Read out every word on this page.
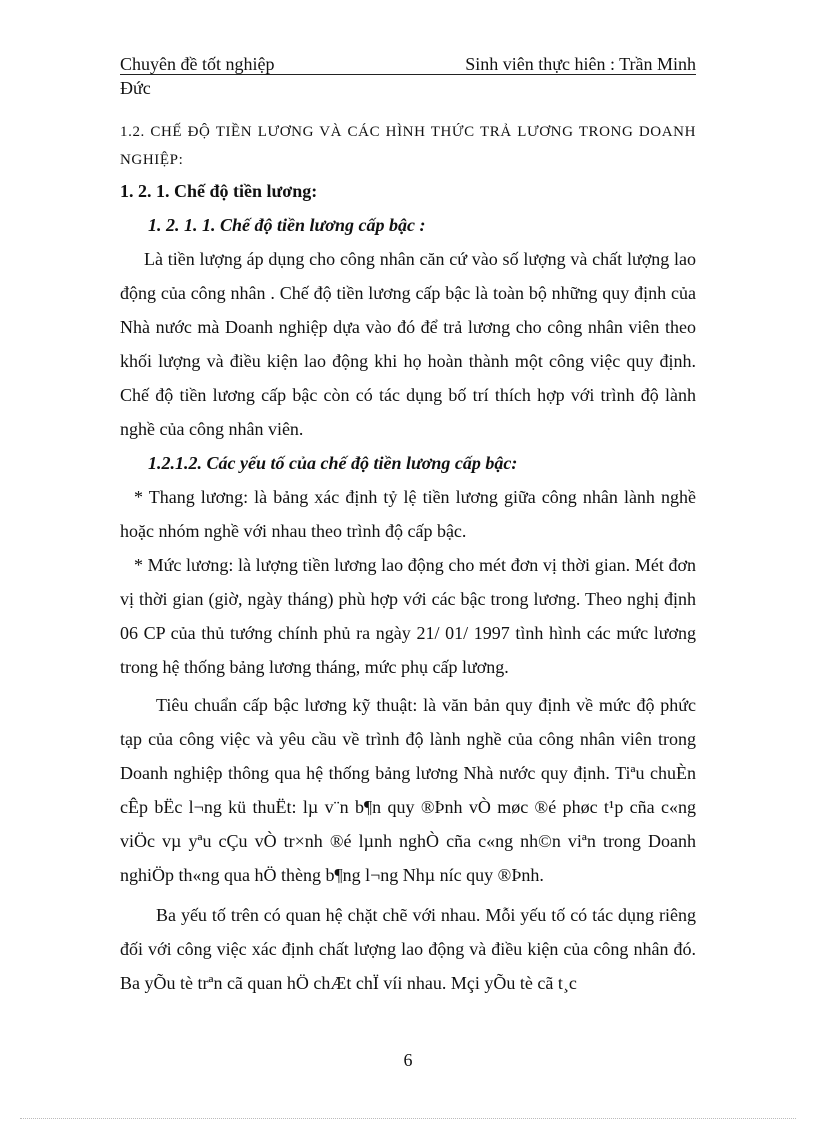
Chuyên đề tốt nghiệp	Sinh viên thực hiên : Trần Minh
Đức

1.2. CHẾ ĐỘ TIỀN LƯƠNG VÀ CÁC HÌNH THỨC TRẢ LƯƠNG TRONG DOANH NGHIỆP:

1. 2. 1. Chế độ tiền lương:

1. 2. 1. 1. Chế độ tiền lương cấp bậc :

Là tiền lượng áp dụng cho công nhân căn cứ vào số lượng và chất lượng lao động của công nhân . Chế độ tiền lương cấp bậc là toàn bộ những quy định của Nhà nước mà Doanh nghiệp dựa vào đó để trả lương cho công nhân viên theo khối lượng và điều kiện lao động khi họ hoàn thành một công việc quy định. Chế độ tiền lương cấp bậc còn có tác dụng bố trí thích hợp với trình độ lành nghề của công nhân viên.

1.2.1.2. Các yếu tố của chế độ tiền lương cấp bậc:

* Thang lương: là bảng xác định tỷ lệ tiền lương giữa công nhân lành nghề hoặc nhóm nghề với nhau theo trình độ cấp bậc.

* Mức lương: là lượng tiền lương lao động cho mét đơn vị thời gian. Mét đơn vị thời gian (giờ, ngày tháng) phù hợp với các bậc trong lương. Theo nghị định 06 CP của thủ tướng chính phủ ra ngày 21/ 01/ 1997 tình hình các mức lương trong hệ thống bảng lương tháng, mức phụ cấp lương.

Tiêu chuẩn cấp bậc lương kỹ thuật: là văn bản quy định về mức độ phức tạp của công việc và yêu cầu về trình độ lành nghề của công nhân viên trong Doanh nghiệp thông qua hệ thống bảng lương Nhà nước quy định. Tiªu chuÈn cÊp bËc l¬ng kü thuËt: lµ v¨n b¶n quy ®Þnh vÒ møc ®é phøc t¹p cña c«ng viÖc vµ yªu cÇu vÒ tr×nh ®é lµnh nghÒ cña c«ng nh©n viªn trong Doanh nghiÖp th«ng qua hÖ thèng b¶ng l¬ng Nhµ níc quy ®Þnh.

Ba yếu tố trên có quan hệ chặt chẽ với nhau. Mỗi yếu tố có tác dụng riêng đối với công việc xác định chất lượng lao động và điều kiện của công nhân đó. Ba yÕu tè trªn cã quan hÖ chÆt chÏ víi nhau. Mçi yÕu tè cã t¸c

6
